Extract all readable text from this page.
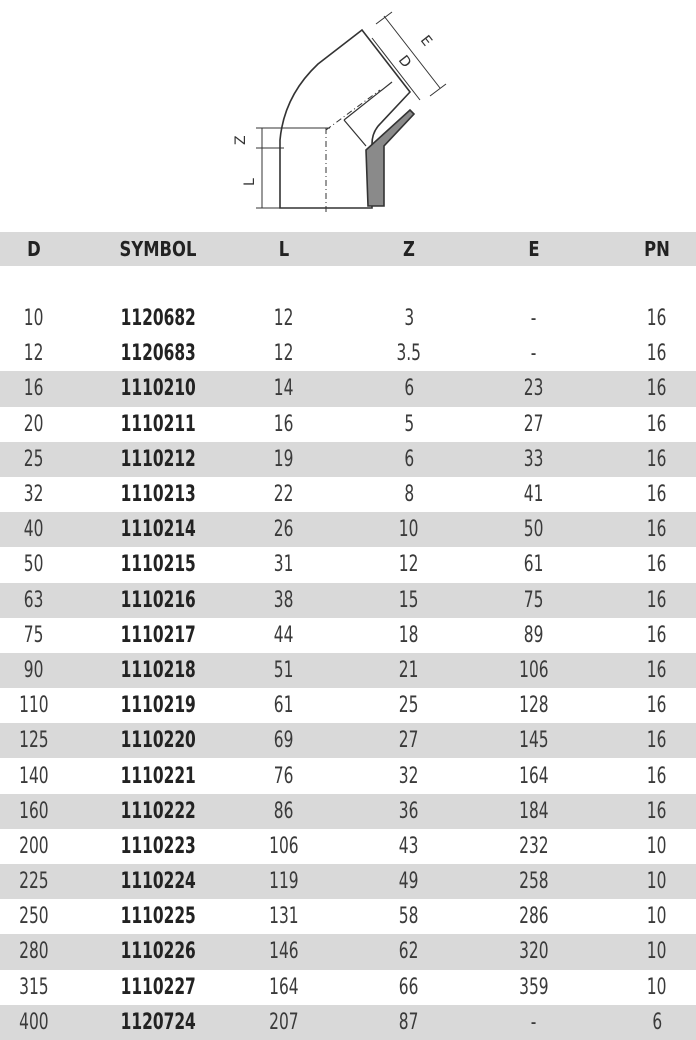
D
E
Z
L
D	SYMBOL	L	Z	E	PN
10	1120682	12	3	-	16
12	1120683	12	3.5	-	16
16	1110210	14	6	23	16
20	1110211	16	5	27	16
25	1110212	19	6	33	16
32	1110213	22	8	41	16
40	1110214	26	10	50	16
50	1110215	31	12	61	16
63	1110216	38	15	75	16
75	1110217	44	18	89	16
90	1110218	51	21	106	16
110	1110219	61	25	128	16
125	1110220	69	27	145	16
140	1110221	76	32	164	16
160	1110222	86	36	184	16
200	1110223	106	43	232	10
225	1110224	119	49	258	10
250	1110225	131	58	286	10
280	1110226	146	62	320	10
315	1110227	164	66	359	10
400	1120724	207	87	-	6
